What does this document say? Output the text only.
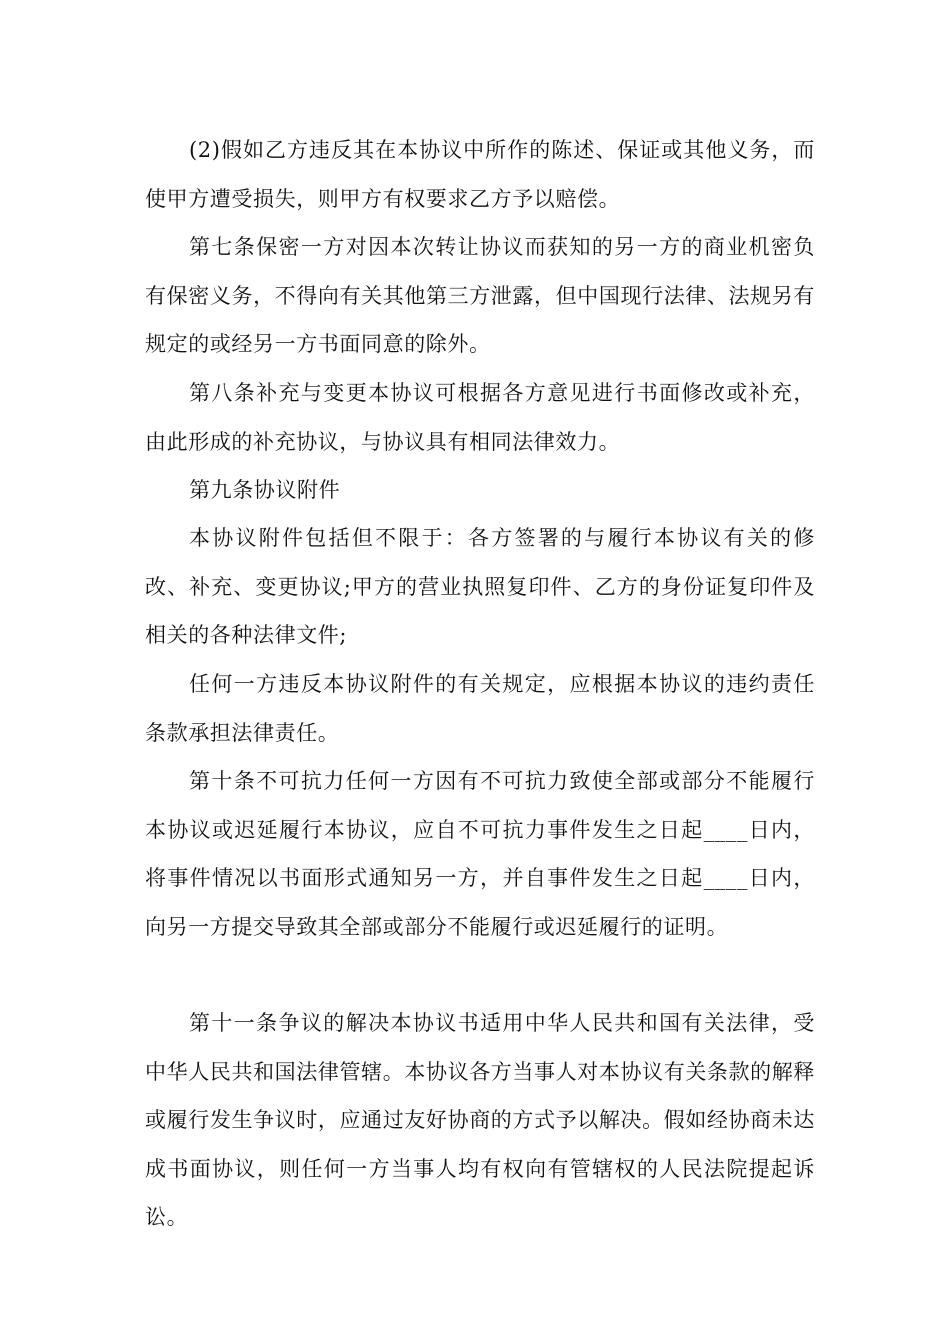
(2)假如乙方违反其在本协议中所作的陈述、保证或其他义务，而使甲方遭受损失，则甲方有权要求乙方予以赔偿。

第七条保密一方对因本次转让协议而获知的另一方的商业机密负有保密义务，不得向有关其他第三方泄露，但中国现行法律、法规另有规定的或经另一方书面同意的除外。

第八条补充与变更本协议可根据各方意见进行书面修改或补充，由此形成的补充协议，与协议具有相同法律效力。

第九条协议附件

本协议附件包括但不限于：各方签署的与履行本协议有关的修改、补充、变更协议;甲方的营业执照复印件、乙方的身份证复印件及相关的各种法律文件;

任何一方违反本协议附件的有关规定，应根据本协议的违约责任条款承担法律责任。

第十条不可抗力任何一方因有不可抗力致使全部或部分不能履行本协议或迟延履行本协议，应自不可抗力事件发生之日起____日内，将事件情况以书面形式通知另一方，并自事件发生之日起____日内，向另一方提交导致其全部或部分不能履行或迟延履行的证明。

第十一条争议的解决本协议书适用中华人民共和国有关法律，受中华人民共和国法律管辖。本协议各方当事人对本协议有关条款的解释或履行发生争议时，应通过友好协商的方式予以解决。假如经协商未达成书面协议，则任何一方当事人均有权向有管辖权的人民法院提起诉讼。
